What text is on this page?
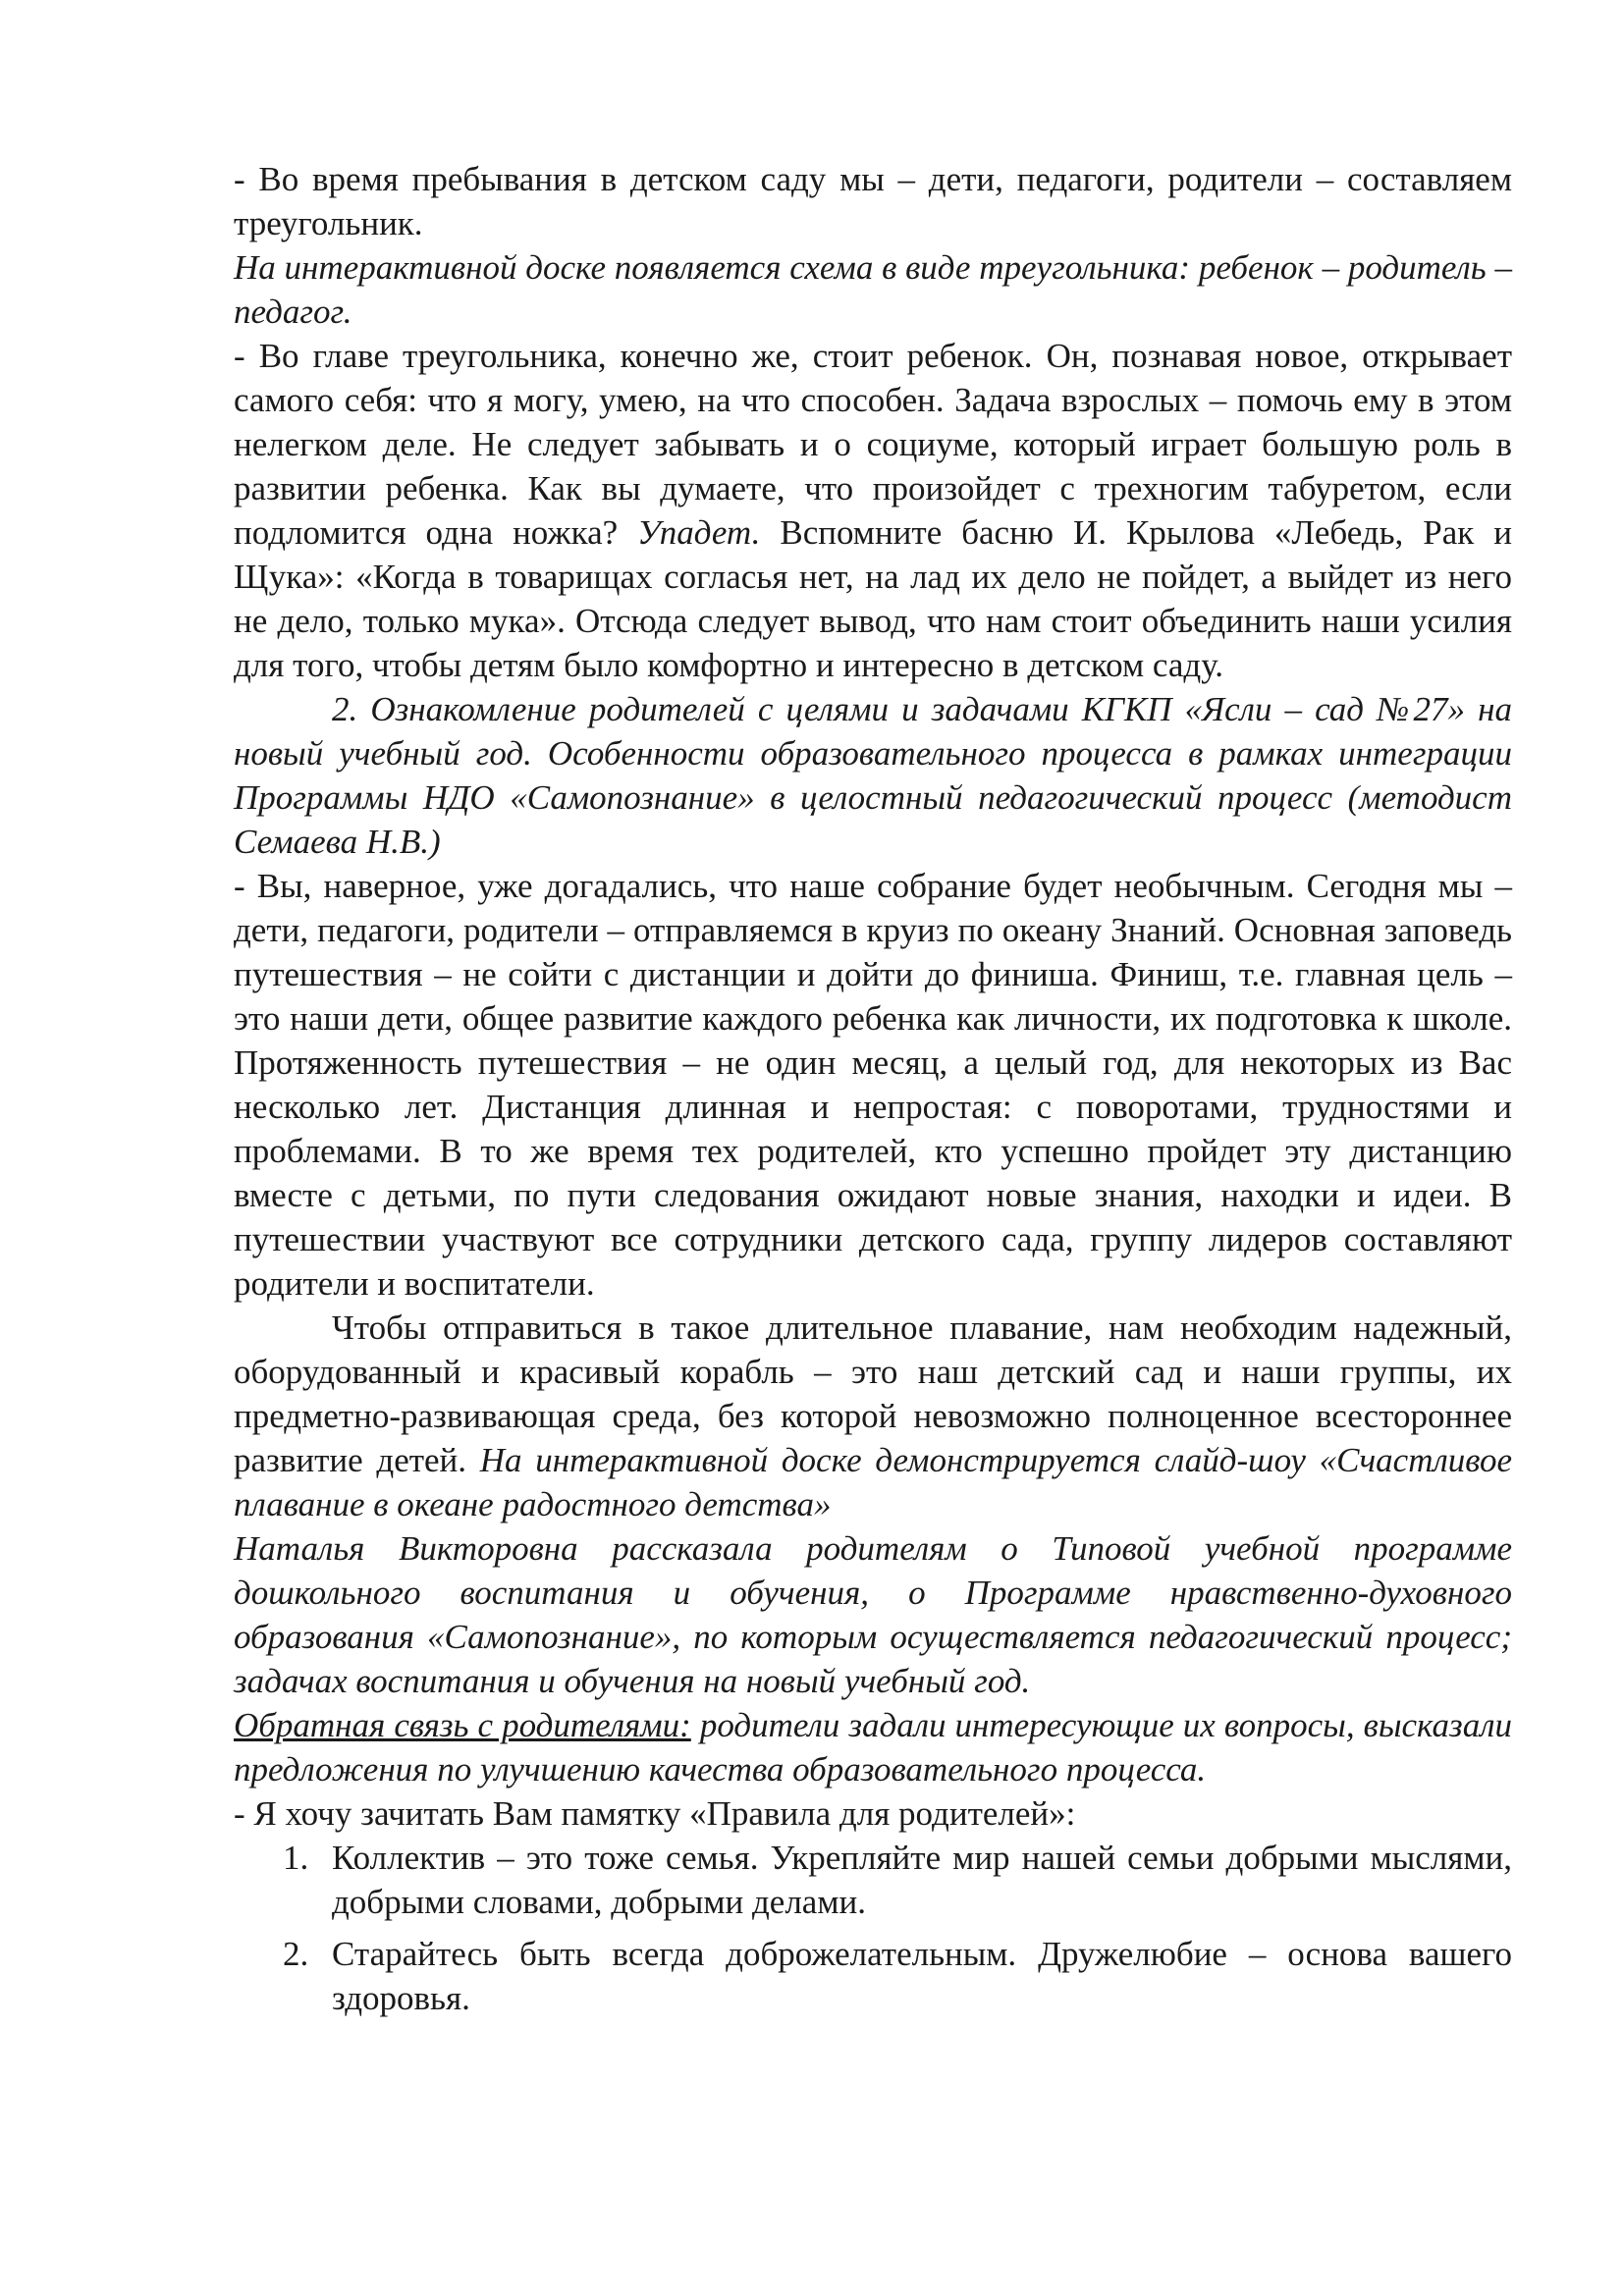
- Во время пребывания в детском саду мы – дети, педагоги, родители – составляем треугольник.

На интерактивной доске появляется схема в виде треугольника: ребенок – родитель – педагог.

- Во главе треугольника, конечно же, стоит ребенок. Он, познавая новое, открывает самого себя: что я могу, умею, на что способен. Задача взрослых – помочь ему в этом нелегком деле. Не следует забывать и о социуме, который играет большую роль в развитии ребенка. Как вы думаете, что произойдет с трехногим табуретом, если подломится одна ножка? Упадет. Вспомните басню И. Крылова «Лебедь, Рак и Щука»: «Когда в товарищах согласья нет, на лад их дело не пойдет, а выйдет из него не дело, только мука». Отсюда следует вывод, что нам стоит объединить наши усилия для того, чтобы детям было комфортно и интересно в детском саду.

2. Ознакомление родителей с целями и задачами КГКП «Ясли – сад №27» на новый учебный год. Особенности образовательного процесса в рамках интеграции Программы НДО «Самопознание» в целостный педагогический процесс (методист Семаева Н.В.)

- Вы, наверное, уже догадались, что наше собрание будет необычным. Сегодня мы – дети, педагоги, родители – отправляемся в круиз по океану Знаний. Основная заповедь путешествия – не сойти с дистанции и дойти до финиша. Финиш, т.е. главная цель – это наши дети, общее развитие каждого ребенка как личности, их подготовка к школе. Протяженность путешествия – не один месяц, а целый год, для некоторых из Вас несколько лет. Дистанция длинная и непростая: с поворотами, трудностями и проблемами. В то же время тех родителей, кто успешно пройдет эту дистанцию вместе с детьми, по пути следования ожидают новые знания, находки и идеи. В путешествии участвуют все сотрудники детского сада, группу лидеров составляют родители и воспитатели.

Чтобы отправиться в такое длительное плавание, нам необходим надежный, оборудованный и красивый корабль – это наш детский сад и наши группы, их предметно-развивающая среда, без которой невозможно полноценное всестороннее развитие детей. На интерактивной доске демонстрируется слайд-шоу «Счастливое плавание в океане радостного детства»

Наталья Викторовна рассказала родителям о Типовой учебной программе дошкольного воспитания и обучения, о Программе нравственно-духовного образования «Самопознание», по которым осуществляется педагогический процесс; задачах воспитания и обучения на новый учебный год.

Обратная связь с родителями: родители задали интересующие их вопросы, высказали предложения по улучшению качества образовательного процесса.

- Я хочу зачитать Вам памятку «Правила для родителей»:

1. Коллектив – это тоже семья. Укрепляйте мир нашей семьи добрыми мыслями, добрыми словами, добрыми делами.
2. Старайтесь быть всегда доброжелательным. Дружелюбие – основа вашего здоровья.
